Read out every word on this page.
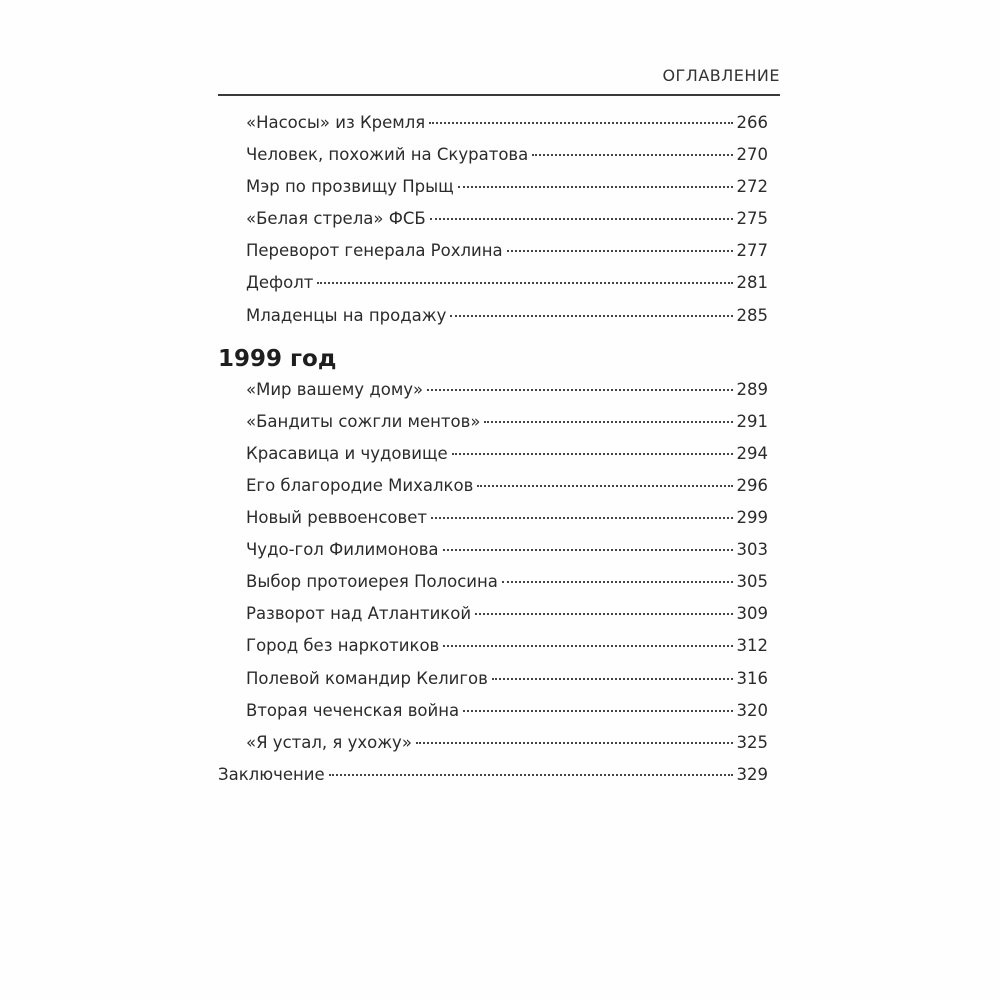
ОГЛАВЛЕНИЕ
«Насосы» из Кремля	266
Человек, похожий на Скуратова	270
Мэр по прозвищу Прыщ	272
«Белая стрела» ФСБ	275
Переворот генерала Рохлина	277
Дефолт	281
Младенцы на продажу	285
1999 год
«Мир вашему дому»	289
«Бандиты сожгли ментов»	291
Красавица и чудовище	294
Его благородие Михалков	296
Новый реввоенсовет	299
Чудо-гол Филимонова	303
Выбор протоиерея Полосина	305
Разворот над Атлантикой	309
Город без наркотиков	312
Полевой командир Келигов	316
Вторая чеченская война	320
«Я устал, я ухожу»	325
Заключение	329
